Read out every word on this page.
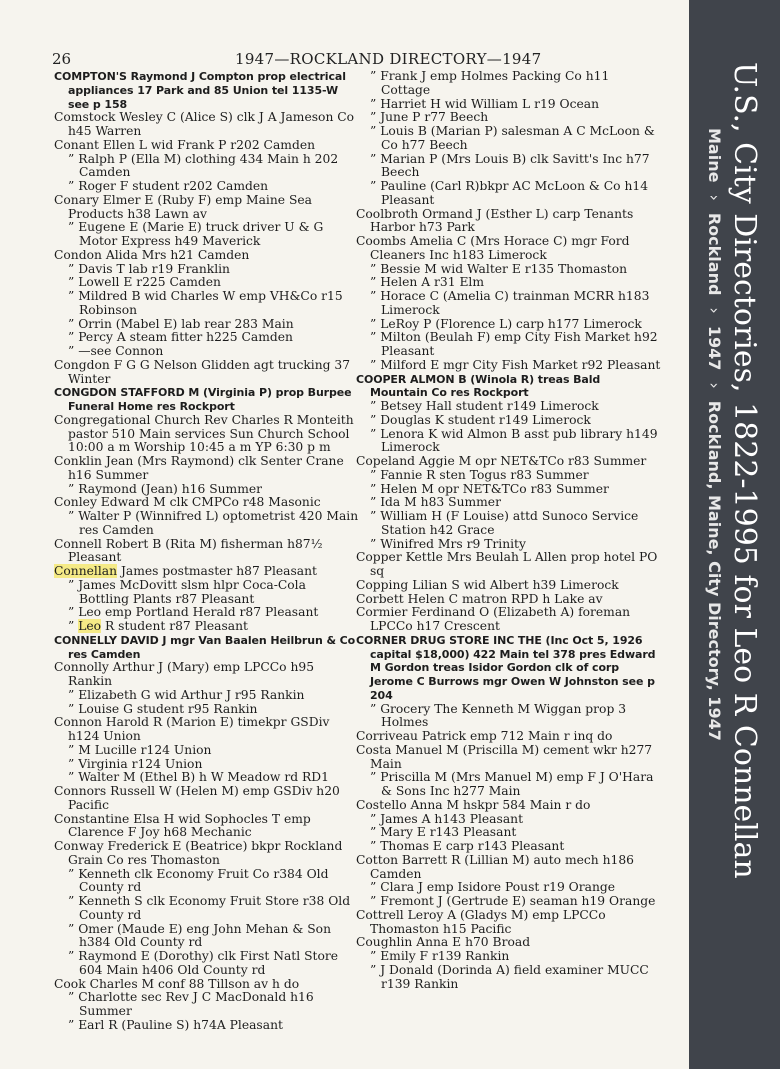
26	1947—ROCKLAND DIRECTORY—1947

COMPTON'S Raymond J Compton prop electrical appliances 17 Park and 85 Union tel 1135-W see p 158

Comstock Wesley C (Alice S) clk J A Jameson Co h45 Warren

Conant Ellen L wid Frank P r202 Camden

” Ralph P (Ella M) clothing 434 Main h 202 Camden

” Roger F student r202 Camden

Conary Elmer E (Ruby F) emp Maine Sea Products h38 Lawn av

” Eugene E (Marie E) truck driver U & G Motor Express h49 Maverick

Condon Alida Mrs h21 Camden

” Davis T lab r19 Franklin

” Lowell E r225 Camden

” Mildred B wid Charles W emp VH&Co r15 Robinson

” Orrin (Mabel E) lab rear 283 Main

” Percy A steam fitter h225 Camden

” —see Connon

Congdon F G G Nelson Glidden agt trucking 37 Winter

CONGDON STAFFORD M (Virginia P) prop Burpee Funeral Home res Rockport

Congregational Church Rev Charles R Monteith pastor 510 Main services Sun Church School 10:00 a m Worship 10:45 a m YP 6:30 p m

Conklin Jean (Mrs Raymond) clk Senter Crane h16 Summer

” Raymond (Jean) h16 Summer

Conley Edward M clk CMPCo r48 Masonic

” Walter P (Winnifred L) optometrist 420 Main res Camden

Connell Robert B (Rita M) fisherman h87½ Pleasant

Connellan James postmaster h87 Pleasant

” James McDovitt slsm hlpr Coca-Cola Bottling Plants r87 Pleasant

” Leo emp Portland Herald r87 Pleasant

” Leo R student r87 Pleasant

CONNELLY DAVID J mgr Van Baalen Heilbrun & Co res Camden

Connolly Arthur J (Mary) emp LPCCo h95 Rankin

” Elizabeth G wid Arthur J r95 Rankin

” Louise G student r95 Rankin

Connon Harold R (Marion E) timekpr GSDiv h124 Union

” M Lucille r124 Union

” Virginia r124 Union

” Walter M (Ethel B) h W Meadow rd RD1

Connors Russell W (Helen M) emp GSDiv h20 Pacific

Constantine Elsa H wid Sophocles T emp Clarence F Joy h68 Mechanic

Conway Frederick E (Beatrice) bkpr Rockland Grain Co res Thomaston

” Kenneth clk Economy Fruit Co r384 Old County rd

” Kenneth S clk Economy Fruit Store r38 Old County rd

” Omer (Maude E) eng John Mehan & Son h384 Old County rd

” Raymond E (Dorothy) clk First Natl Store 604 Main h406 Old County rd

Cook Charles M conf 88 Tillson av h do

” Charlotte sec Rev J C MacDonald h16 Summer

” Earl R (Pauline S) h74A Pleasant

” Frank J emp Holmes Packing Co h11 Cottage

” Harriet H wid William L r19 Ocean

” June P r77 Beech

” Louis B (Marian P) salesman A C McLoon & Co h77 Beech

” Marian P (Mrs Louis B) clk Savitt's Inc h77 Beech

” Pauline (Carl R)bkpr AC McLoon & Co h14 Pleasant

Coolbroth Ormand J (Esther L) carp Tenants Harbor h73 Park

Coombs Amelia C (Mrs Horace C) mgr Ford Cleaners Inc h183 Limerock

” Bessie M wid Walter E r135 Thomaston

” Helen A r31 Elm

” Horace C (Amelia C) trainman MCRR h183 Limerock

” LeRoy P (Florence L) carp h177 Limerock

” Milton (Beulah F) emp City Fish Market h92 Pleasant

” Milford E mgr City Fish Market r92 Pleasant

COOPER ALMON B (Winola R) treas Bald Mountain Co res Rockport

” Betsey Hall student r149 Limerock

” Douglas K student r149 Limerock

” Lenora K wid Almon B asst pub library h149 Limerock

Copeland Aggie M opr NET&TCo r83 Summer

” Fannie R sten Togus r83 Summer

” Helen M opr NET&TCo r83 Summer

” Ida M h83 Summer

” William H (F Louise) attd Sunoco Service Station h42 Grace

” Winifred Mrs r9 Trinity

Copper Kettle Mrs Beulah L Allen prop hotel PO sq

Copping Lilian S wid Albert h39 Limerock

Corbett Helen C matron RPD h Lake av

Cormier Ferdinand O (Elizabeth A) foreman LPCCo h17 Crescent

CORNER DRUG STORE INC THE (Inc Oct 5, 1926 capital $18,000) 422 Main tel 378 pres Edward M Gordon treas Isidor Gordon clk of corp Jerome C Burrows mgr Owen W Johnston see p 204

” Grocery The Kenneth M Wiggan prop 3 Holmes

Corriveau Patrick emp 712 Main r inq do

Costa Manuel M (Priscilla M) cement wkr h277 Main

” Priscilla M (Mrs Manuel M) emp F J O'Hara & Sons Inc h277 Main

Costello Anna M hskpr 584 Main r do

” James A h143 Pleasant

” Mary E r143 Pleasant

” Thomas E carp r143 Pleasant

Cotton Barrett R (Lillian M) auto mech h186 Camden

” Clara J emp Isidore Poust r19 Orange

” Fremont J (Gertrude E) seaman h19 Orange

Cottrell Leroy A (Gladys M) emp LPCCo Thomaston h15 Pacific

Coughlin Anna E h70 Broad

” Emily F r139 Rankin

” J Donald (Dorinda A) field examiner MUCC r139 Rankin

U.S., City Directories, 1822-1995 for Leo R Connellan
Maine›Rockland›1947›Rockland, Maine, City Directory, 1947
